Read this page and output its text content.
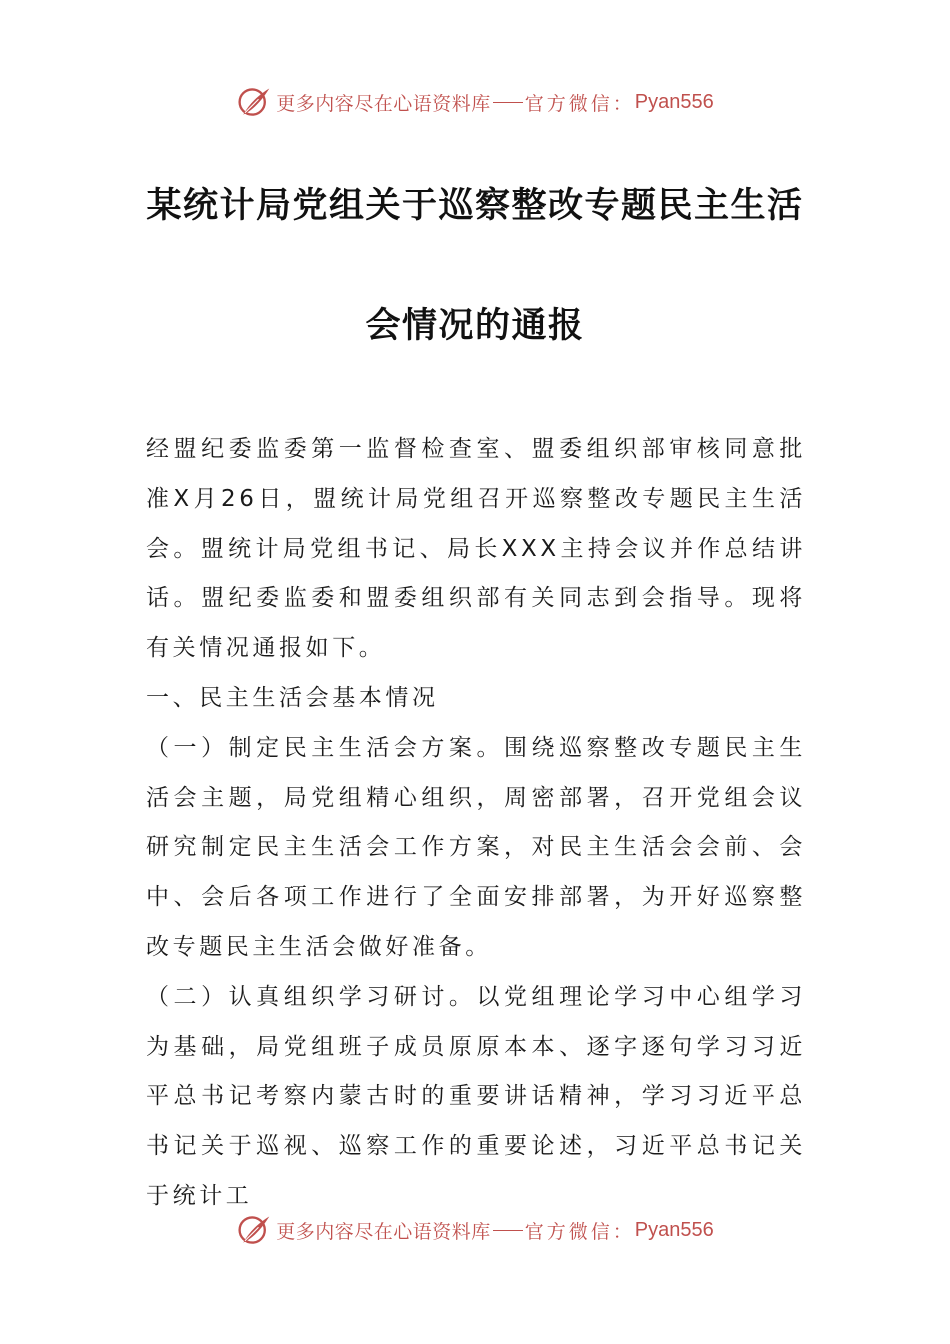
更多内容尽在心语资料库 官方微信： Pyan556
某统计局党组关于巡察整改专题民主生活
会情况的通报

经盟纪委监委第一监督检查室、盟委组织部审核同意批准X月26日，盟统计局党组召开巡察整改专题民主生活会。盟统计局党组书记、局长XXX主持会议并作总结讲话。盟纪委监委和盟委组织部有关同志到会指导。现将有关情况通报如下。

一、民主生活会基本情况

（一）制定民主生活会方案。围绕巡察整改专题民主生活会主题，局党组精心组织，周密部署，召开党组会议研究制定民主生活会工作方案，对民主生活会会前、会中、会后各项工作进行了全面安排部署，为开好巡察整改专题民主生活会做好准备。

（二）认真组织学习研讨。以党组理论学习中心组学习为基础，局党组班子成员原原本本、逐字逐句学习习近平总书记考察内蒙古时的重要讲话精神，学习习近平总书记关于巡视、巡察工作的重要论述，习近平总书记关于统计工

更多内容尽在心语资料库 官方微信： Pyan556
